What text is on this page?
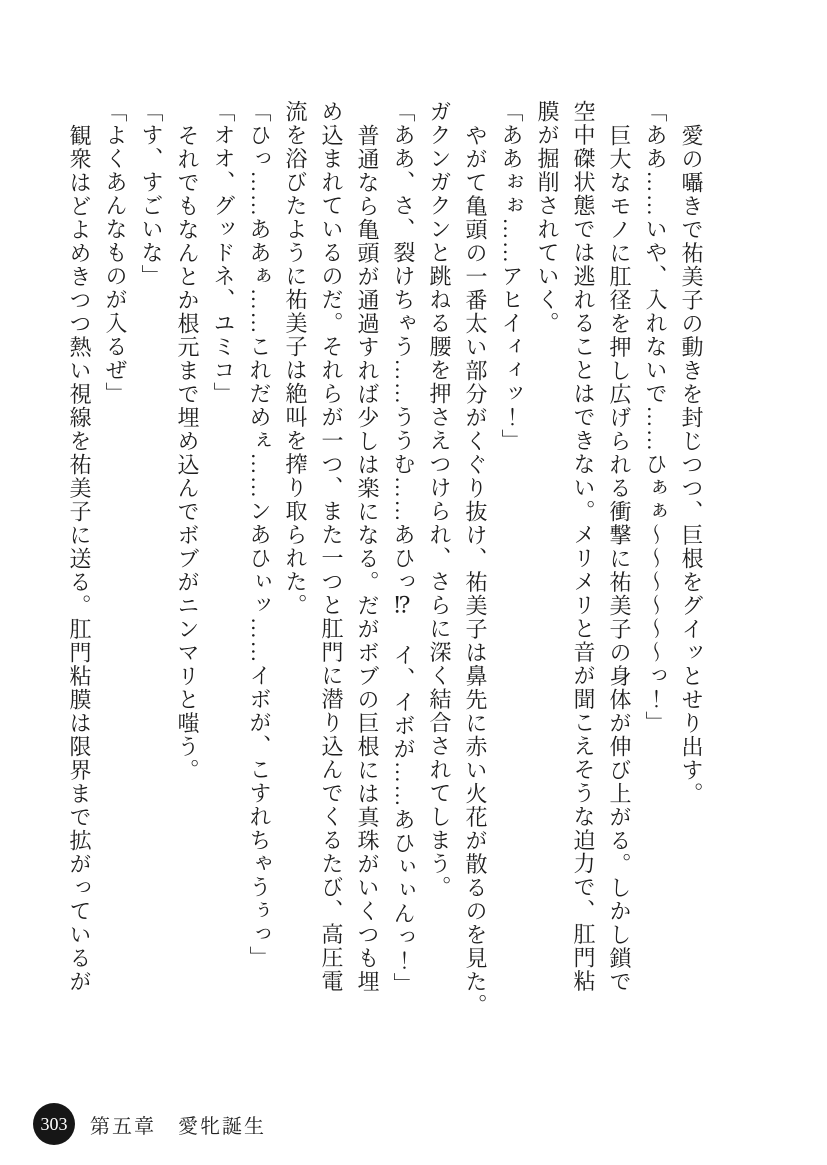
愛の囁きで祐美子の動きを封じつつ、巨根をグイッとせり出す。

「ああ……いや、入れないで……ひぁぁ～～～～～～っ！」

巨大なモノに肛径を押し広げられる衝撃に祐美子の身体が伸び上がる。しかし鎖で

空中磔状態では逃れることはできない。メリメリと音が聞こえそうな迫力で、肛門粘

膜が掘削されていく。

「ああぉぉ……アヒイィィッ！」

やがて亀頭の一番太い部分がくぐり抜け、祐美子は鼻先に赤い火花が散るのを見た。

ガクンガクンと跳ねる腰を押さえつけられ、さらに深く結合されてしまう。

「ああ、さ、裂けちゃう……ううむ……あひっ⁉　イ、イボが……あひぃぃんっ！」

普通なら亀頭が通過すれば少しは楽になる。だがボブの巨根には真珠がいくつも埋

め込まれているのだ。それらが一つ、また一つと肛門に潜り込んでくるたび、高圧電

流を浴びたように祐美子は絶叫を搾り取られた。

「ひっ……ああぁ……これだめぇ……ンあひぃッ……イボが、こすれちゃうぅっ」

「オオ、グッドネ、ユミコ」

それでもなんとか根元まで埋め込んでボブがニンマリと嗤う。

「す、すごいな」

「よくあんなものが入るぜ」

観衆はどよめきつつ熱い視線を祐美子に送る。肛門粘膜は限界まで拡がっているが

303 第五章　愛牝誕生
